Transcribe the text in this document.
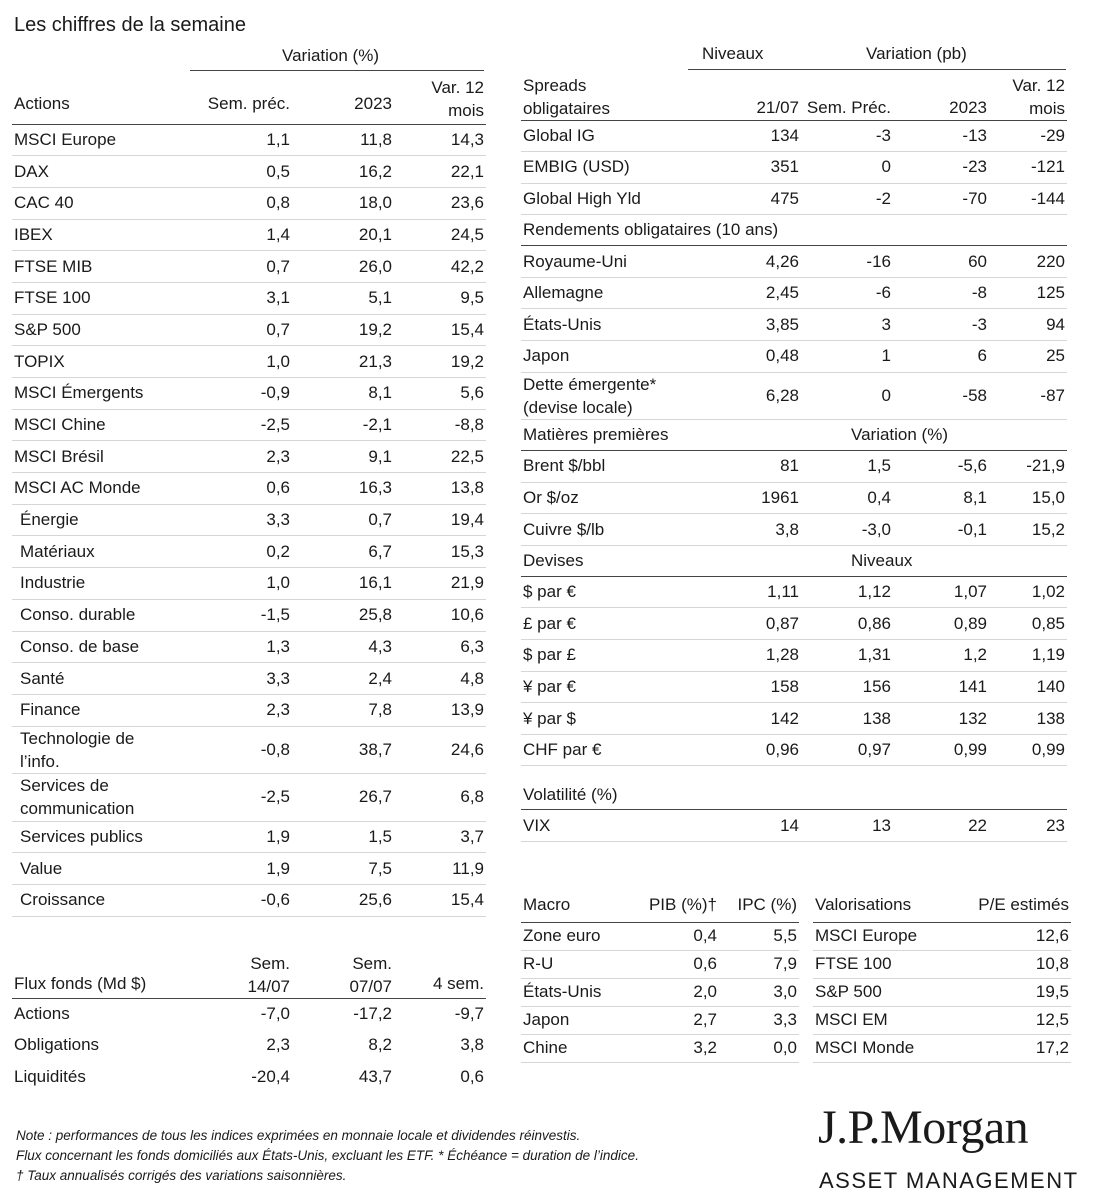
Les chiffres de la semaine
Variation (%)
Actions	Sem. préc.	2023	Var. 12 mois
MSCI Europe	1,1	11,8	14,3
DAX	0,5	16,2	22,1
CAC 40	0,8	18,0	23,6
IBEX	1,4	20,1	24,5
FTSE MIB	0,7	26,0	42,2
FTSE 100	3,1	5,1	9,5
S&P 500	0,7	19,2	15,4
TOPIX	1,0	21,3	19,2
MSCI Émergents	-0,9	8,1	5,6
MSCI Chine	-2,5	-2,1	-8,8
MSCI Brésil	2,3	9,1	22,5
MSCI AC Monde	0,6	16,3	13,8
Énergie	3,3	0,7	19,4
Matériaux	0,2	6,7	15,3
Industrie	1,0	16,1	21,9
Conso. durable	-1,5	25,8	10,6
Conso. de base	1,3	4,3	6,3
Santé	3,3	2,4	4,8
Finance	2,3	7,8	13,9
Technologie de l’info.	-0,8	38,7	24,6
Services de communication	-2,5	26,7	6,8
Services publics	1,9	1,5	3,7
Value	1,9	7,5	11,9
Croissance	-0,6	25,6	15,4
Flux fonds (Md $)	Sem. 14/07	Sem. 07/07	4 sem.
Actions	-7,0	-17,2	-9,7
Obligations	2,3	8,2	3,8
Liquidités	-20,4	43,7	0,6
Niveaux	Variation (pb)
Spreads obligataires	21/07	Sem. Préc.	2023	Var. 12 mois
Global IG	134	-3	-13	-29
EMBIG (USD)	351	0	-23	-121
Global High Yld	475	-2	-70	-144
Rendements obligataires (10 ans)				
Royaume-Uni	4,26	-16	60	220
Allemagne	2,45	-6	-8	125
États-Unis	3,85	3	-3	94
Japon	0,48	1	6	25
Dette émergente* (devise locale)	6,28	0	-58	-87
Matières premières		Variation (%)		
Brent $/bbl	81	1,5	-5,6	-21,9
Or $/oz	1961	0,4	8,1	15,0
Cuivre $/lb	3,8	-3,0	-0,1	15,2
Devises		Niveaux		
$ par €	1,11	1,12	1,07	1,02
£ par €	0,87	0,86	0,89	0,85
$ par £	1,28	1,31	1,2	1,19
¥ par €	158	156	141	140
¥ par $	142	138	132	138
CHF par €	0,96	0,97	0,99	0,99
Volatilité (%)				
VIX	14	13	22	23
Macro	PIB (%)†	IPC (%)
Zone euro	0,4	5,5
R-U	0,6	7,9
États-Unis	2,0	3,0
Japon	2,7	3,3
Chine	3,2	0,0
Valorisations	P/E estimés
MSCI Europe	12,6
FTSE 100	10,8
S&P 500	19,5
MSCI EM	12,5
MSCI Monde	17,2
Note : performances de tous les indices exprimées en monnaie locale et dividendes réinvestis.
Flux concernant les fonds domiciliés aux États-Unis, excluant les ETF. * Échéance = duration de l’indice.
† Taux annualisés corrigés des variations saisonnières.
J.P.Morgan
ASSET MANAGEMENT
